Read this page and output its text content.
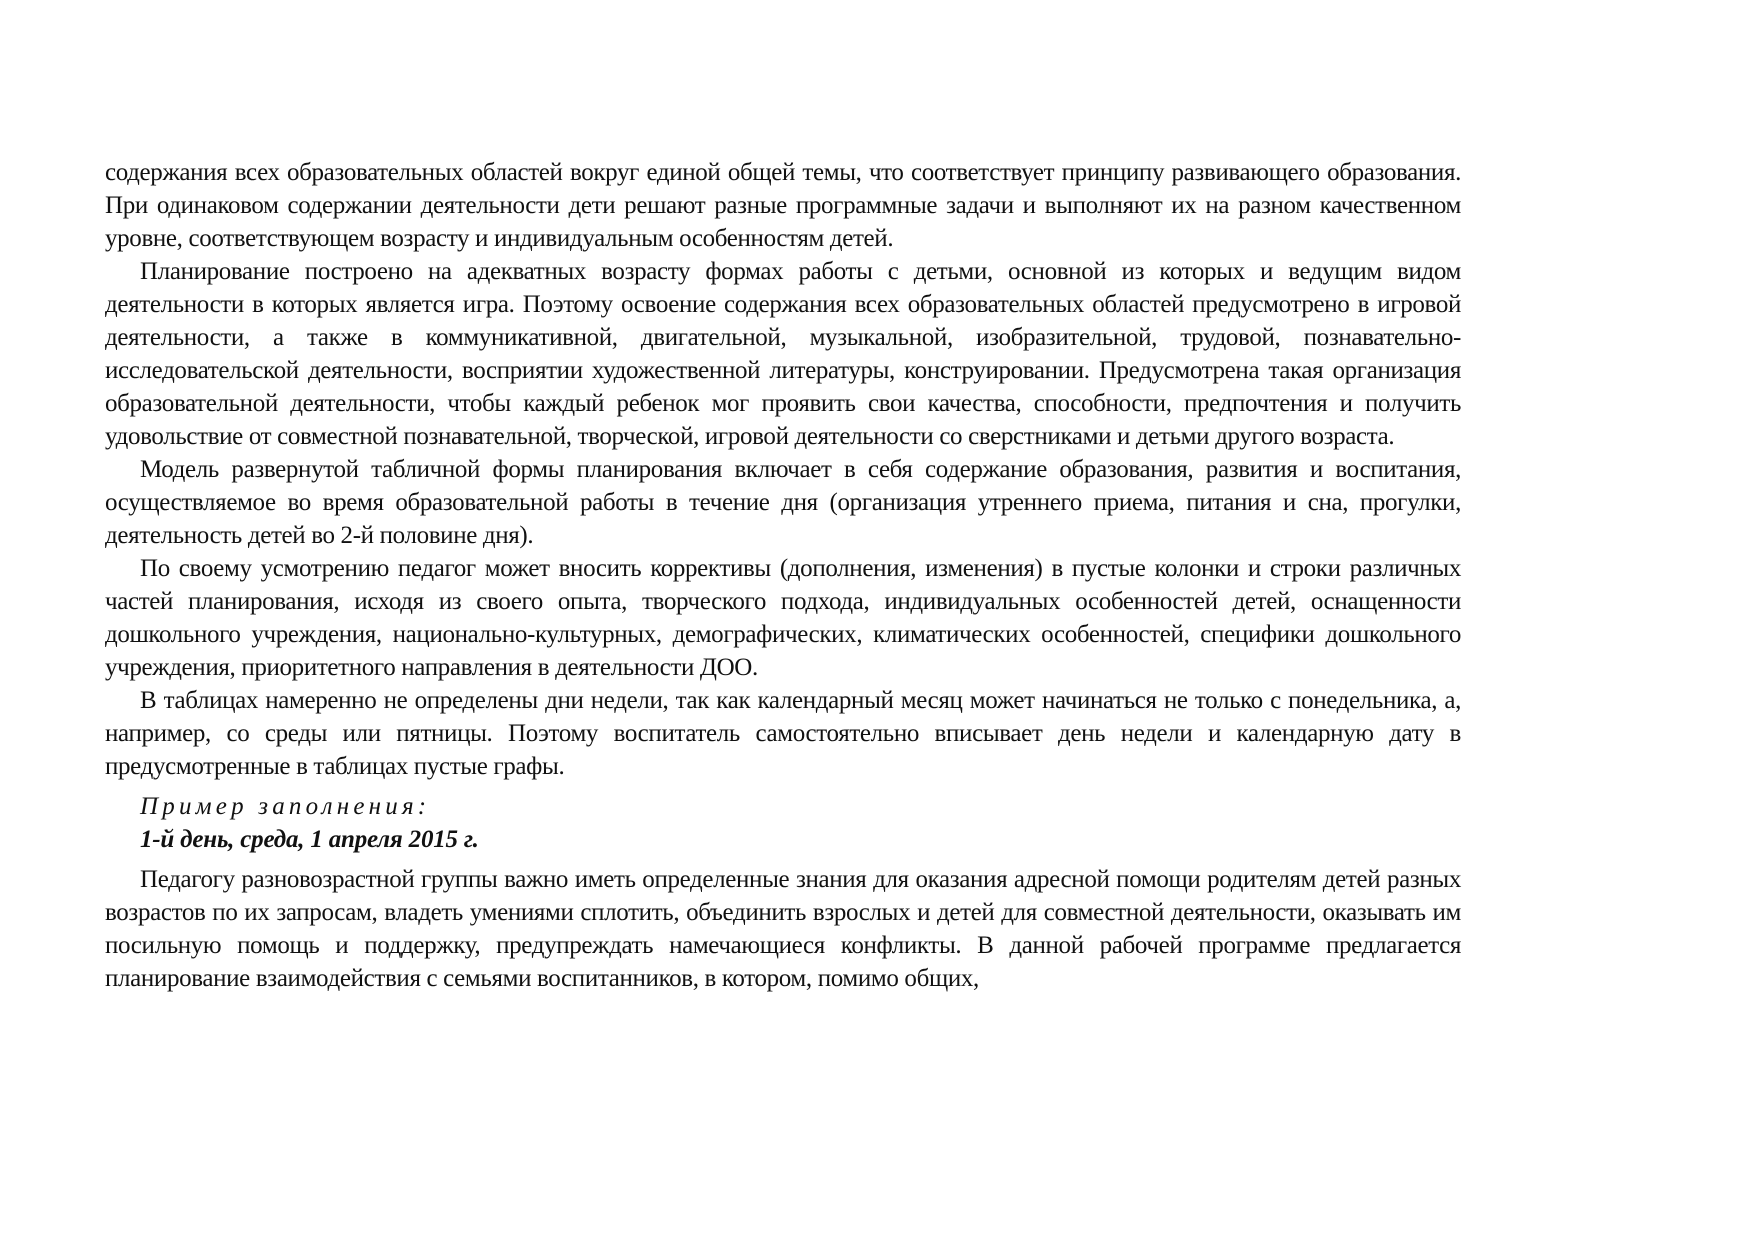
содержания всех образовательных областей вокруг единой общей темы, что соответствует принципу развивающего образования. При одинаковом содержании деятельности дети решают разные программные задачи и выполняют их на разном качественном уровне, соответствующем возрасту и индивидуальным особенностям детей.

Планирование построено на адекватных возрасту формах работы с детьми, основной из которых и ведущим видом деятельности в которых является игра. Поэтому освоение содержания всех образовательных областей предусмотрено в игровой деятельности, а также в коммуникативной, двигательной, музыкальной, изобразительной, трудовой, познавательно-исследовательской деятельности, восприятии художественной литературы, конструировании. Предусмотрена такая организация образовательной деятельности, чтобы каждый ребенок мог проявить свои качества, способности, предпочтения и получить удовольствие от совместной познавательной, творческой, игровой деятельности со сверстниками и детьми другого возраста.

Модель развернутой табличной формы планирования включает в себя содержание образования, развития и воспитания, осуществляемое во время образовательной работы в течение дня (организация утреннего приема, питания и сна, прогулки, деятельность детей во 2-й половине дня).

По своему усмотрению педагог может вносить коррективы (дополнения, изменения) в пустые колонки и строки различных частей планирования, исходя из своего опыта, творческого подхода, индивидуальных особенностей детей, оснащенности дошкольного учреждения, национально-культурных, демографических, климатических особенностей, специфики дошкольного учреждения, приоритетного направления в деятельности ДОО.

В таблицах намеренно не определены дни недели, так как календарный месяц может начинаться не только с понедельника, а, например, со среды или пятницы. Поэтому воспитатель самостоятельно вписывает день недели и календарную дату в предусмотренные в таблицах пустые графы.

Пример заполнения:

1-й день, среда, 1 апреля 2015 г.

Педагогу разновозрастной группы важно иметь определенные знания для оказания адресной помощи родителям детей разных возрастов по их запросам, владеть умениями сплотить, объединить взрослых и детей для совместной деятельности, оказывать им посильную помощь и поддержку, предупреждать намечающиеся конфликты. В данной рабочей программе предлагается планирование взаимодействия с семьями воспитанников, в котором, помимо общих,
